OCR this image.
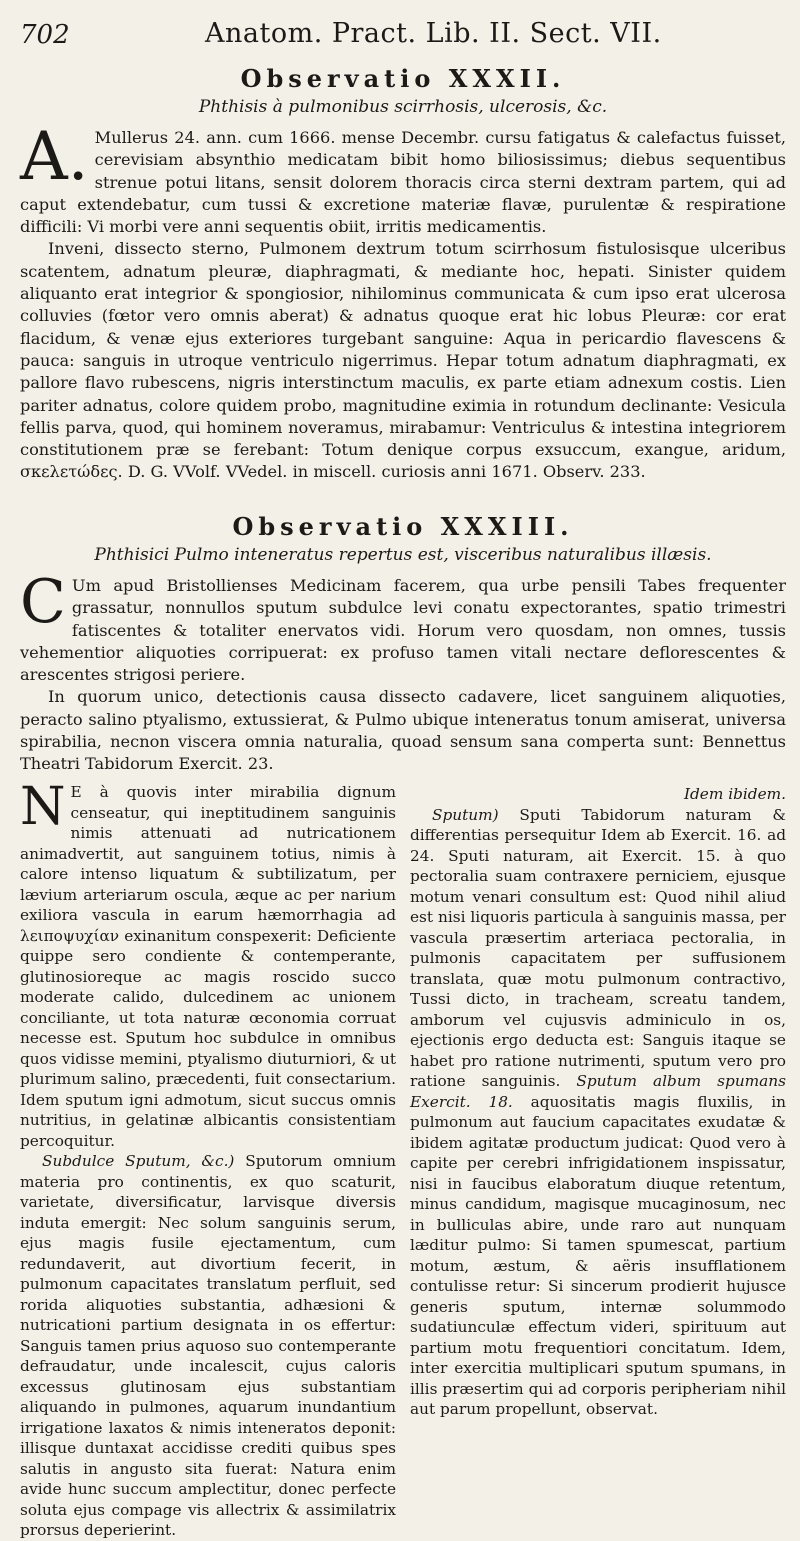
702	Anatom. Pract. Lib. II. Sect. VII.
Observatio XXXII.
Phthisis à pulmonibus scirrhosis, ulcerosis, &c.

A. Mullerus 24. ann. cum 1666. mense Decembr. cursu fatigatus & calefactus fuisset, cerevisiam absynthio medicatam bibit homo biliosissimus; diebus sequentibus strenue potui litans, sensit dolorem thoracis circa sterni dextram partem, qui ad caput extendebatur, cum tussi & excretione materiæ flavæ, purulentæ & respiratione difficili: Vi morbi vere anni sequentis obiit, irritis medicamentis.

Inveni, dissecto sterno, Pulmonem dextrum totum scirrhosum fistulosisque ulceribus scatentem, adnatum pleuræ, diaphragmati, & mediante hoc, hepati. Sinister quidem aliquanto erat integrior & spongiosior, nihilominus communicata & cum ipso erat ulcerosa colluvies (fœtor vero omnis aberat) & adnatus quoque erat hic lobus Pleuræ: cor erat flacidum, & venæ ejus exteriores turgebant sanguine: Aqua in pericardio flavescens & pauca: sanguis in utroque ventriculo nigerrimus. Hepar totum adnatum diaphragmati, ex pallore flavo rubescens, nigris interstinctum maculis, ex parte etiam adnexum costis. Lien pariter adnatus, colore quidem probo, magnitudine eximia in rotundum declinante: Vesicula fellis parva, quod, qui hominem noveramus, mirabamur: Ventriculus & intestina integriorem constitutionem præ se ferebant: Totum denique corpus exsuccum, exangue, aridum, σκελετώδες. D. G. VVolf. VVedel. in miscell. curiosis anni 1671. Observ. 233.

Observatio XXXIII.
Phthisici Pulmo inteneratus repertus est, visceribus naturalibus illæsis.

C Um apud Bristollienses Medicinam facerem, qua urbe pensili Tabes frequenter grassatur, nonnullos sputum subdulce levi conatu expectorantes, spatio trimestri fatiscentes & totaliter enervatos vidi. Horum vero quosdam, non omnes, tussis vehementior aliquoties corripuerat: ex profuso tamen vitali nectare deflorescentes & arescentes strigosi periere.

In quorum unico, detectionis causa dissecto cadavere, licet sanguinem aliquoties, peracto salino ptyalismo, extussierat, & Pulmo ubique inteneratus tonum amiserat, universa spirabilia, necnon viscera omnia naturalia, quoad sensum sana comperta sunt: Bennettus Theatri Tabidorum Exercit. 23.

N E à quovis inter mirabilia dignum censeatur, qui ineptitudinem sanguinis nimis attenuati ad nutricationem animadvertit, aut sanguinem totius, nimis à calore intenso liquatum & subtilizatum, per lævium arteriarum oscula, æque ac per narium exiliora vascula in earum hæmorrhagia ad λειποψυχίαν exinanitum conspexerit: Deficiente quippe sero condiente & contemperante, glutinosioreque ac magis roscido succo moderate calido, dulcedinem ac unionem conciliante, ut tota naturæ œconomia corruat necesse est. Sputum hoc subdulce in omnibus quos vidisse memini, ptyalismo diuturniori, & ut plurimum salino, præcedenti, fuit consectarium. Idem sputum igni admotum, sicut succus omnis nutritius, in gelatinæ albicantis consistentiam percoquitur.

Subdulce Sputum, &c.) Sputorum omnium materia pro continentis, ex quo scaturit, varietate, diversificatur, larvisque diversis induta emergit: Nec solum sanguinis serum, ejus magis fusile ejectamentum, cum redundaverit, aut divortium fecerit, in pulmonum capacitates translatum perfluit, sed rorida aliquoties substantia, adhæsioni & nutricationi partium designata in os effertur: Sanguis tamen prius aquoso suo contemperante defraudatur, unde incalescit, cujus caloris excessus glutinosam ejus substantiam aliquando in pulmones, aquarum inundantium irrigatione laxatos & nimis inteneratos deponit: illisque duntaxat accidisse crediti quibus spes salutis in angusto sita fuerat: Natura enim avide hunc succum amplectitur, donec perfecte soluta ejus compage vis allectrix & assimilatrix prorsus deperierint.

Idem ibidem.

Sputum) Sputi Tabidorum naturam & differentias persequitur Idem ab Exercit. 16. ad 24. Sputi naturam, ait Exercit. 15. à quo pectoralia suam contraxere perniciem, ejusque motum venari consultum est: Quod nihil aliud est nisi liquoris particula à sanguinis massa, per vascula præsertim arteriaca pectoralia, in pulmonis capacitatem per suffusionem translata, quæ motu pulmonum contractivo, Tussi dicto, in tracheam, screatu tandem, amborum vel cujusvis adminiculo in os, ejectionis ergo deducta est: Sanguis itaque se habet pro ratione nutrimenti, sputum vero pro ratione sanguinis. Sputum album spumans Exercit. 18. aquositatis magis fluxilis, in pulmonum aut faucium capacitates exudatæ & ibidem agitatæ productum judicat: Quod vero à capite per cerebri infrigidationem inspissatur, nisi in faucibus elaboratum diuque retentum, minus candidum, magisque mucaginosum, nec in bulliculas abire, unde raro aut nunquam læditur pulmo: Si tamen spumescat, partium motum, æstum, & aëris insufflationem contulisse retur: Si sincerum prodierit hujusce generis sputum, internæ solummodo sudatiunculæ effectum videri, spirituum aut partium motu frequentiori concitatum. Idem, inter exercitia multiplicari sputum spumans, in illis præsertim qui ad corporis peripheriam nihil aut parum propellunt, observat.
